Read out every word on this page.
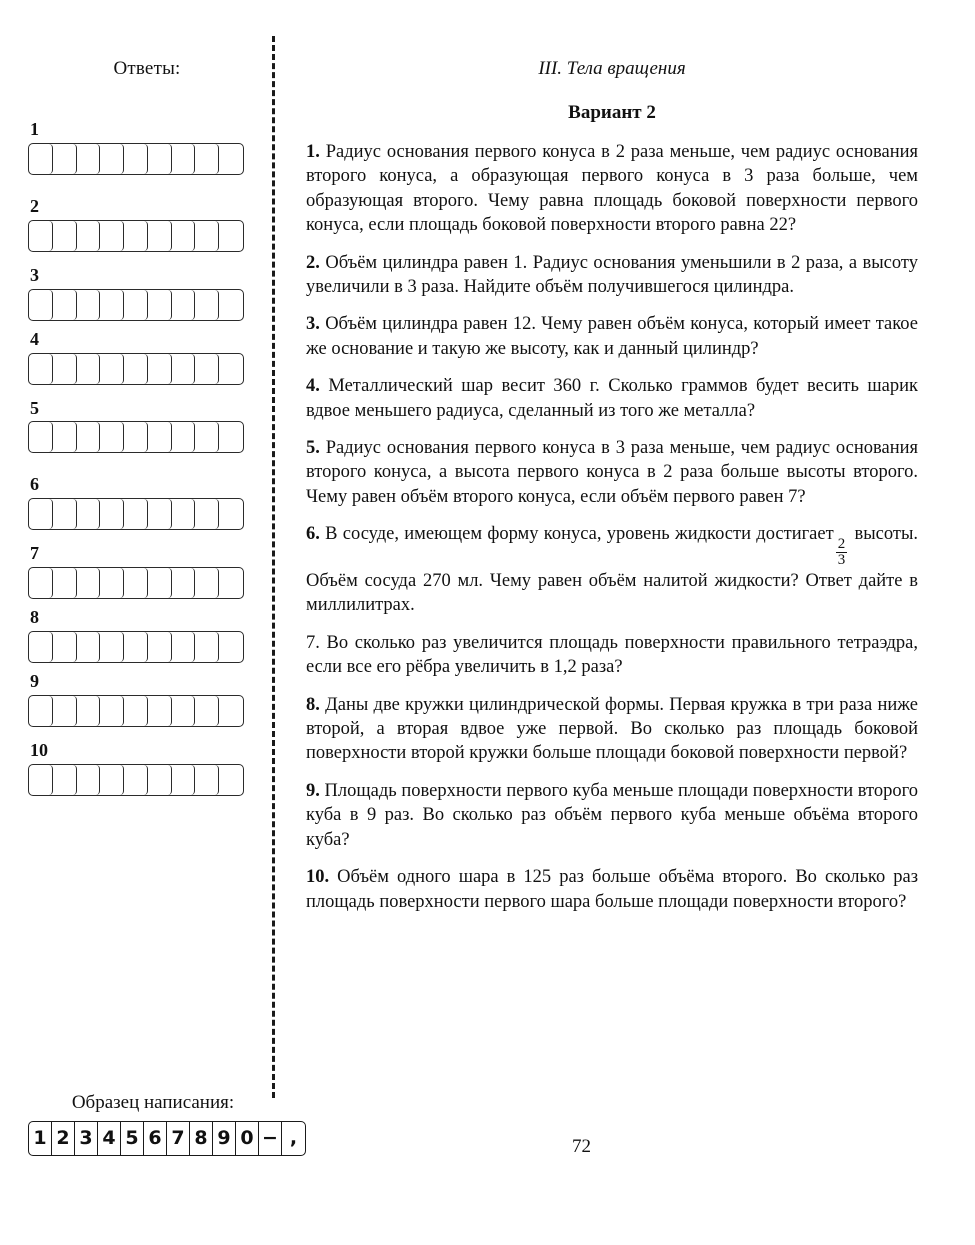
Ответы:
1
2
3
4
5
6
7
8
9
10
Образец написания:
1 2 3 4 5 6 7 8 9 0 − ,
III. Тела вращения
Вариант 2
1. Радиус основания первого конуса в 2 раза меньше, чем радиус основания второго конуса, а образующая первого конуса в 3 раза больше, чем образующая второго. Чему равна площадь боковой поверхности первого конуса, если площадь боковой поверхности второго равна 22?
2. Объём цилиндра равен 1. Радиус основания уменьшили в 2 раза, а высоту увеличили в 3 раза. Найдите объём получившегося цилиндра.
3. Объём цилиндра равен 12. Чему равен объём конуса, который имеет такое же основание и такую же высоту, как и данный цилиндр?
4. Металлический шар весит 360 г. Сколько граммов будет весить шарик вдвое меньшего радиуса, сделанный из того же металла?
5. Радиус основания первого конуса в 3 раза меньше, чем радиус основания второго конуса, а высота первого конуса в 2 раза больше высоты второго. Чему равен объём второго конуса, если объём первого равен 7?
6. В сосуде, имеющем форму конуса, уровень жидкости достигает
$\frac{2}{3}$
высоты. Объём сосуда 270 мл. Чему равен объём налитой жидкости? Ответ дайте в миллилитрах.
7. Во сколько раз увеличится площадь поверхности правильного тетраэдра, если все его рёбра увеличить в 1,2 раза?
8. Даны две кружки цилиндрической формы. Первая кружка в три раза ниже второй, а вторая вдвое уже первой. Во сколько раз площадь боковой поверхности второй кружки больше площади боковой поверхности первой?
9. Площадь поверхности первого куба меньше площади поверхности второго куба в 9 раз. Во сколько раз объём первого куба меньше объёма второго куба?
10. Объём одного шара в 125 раз больше объёма второго. Во сколько раз площадь поверхности первого шара больше площади поверхности второго?
72
